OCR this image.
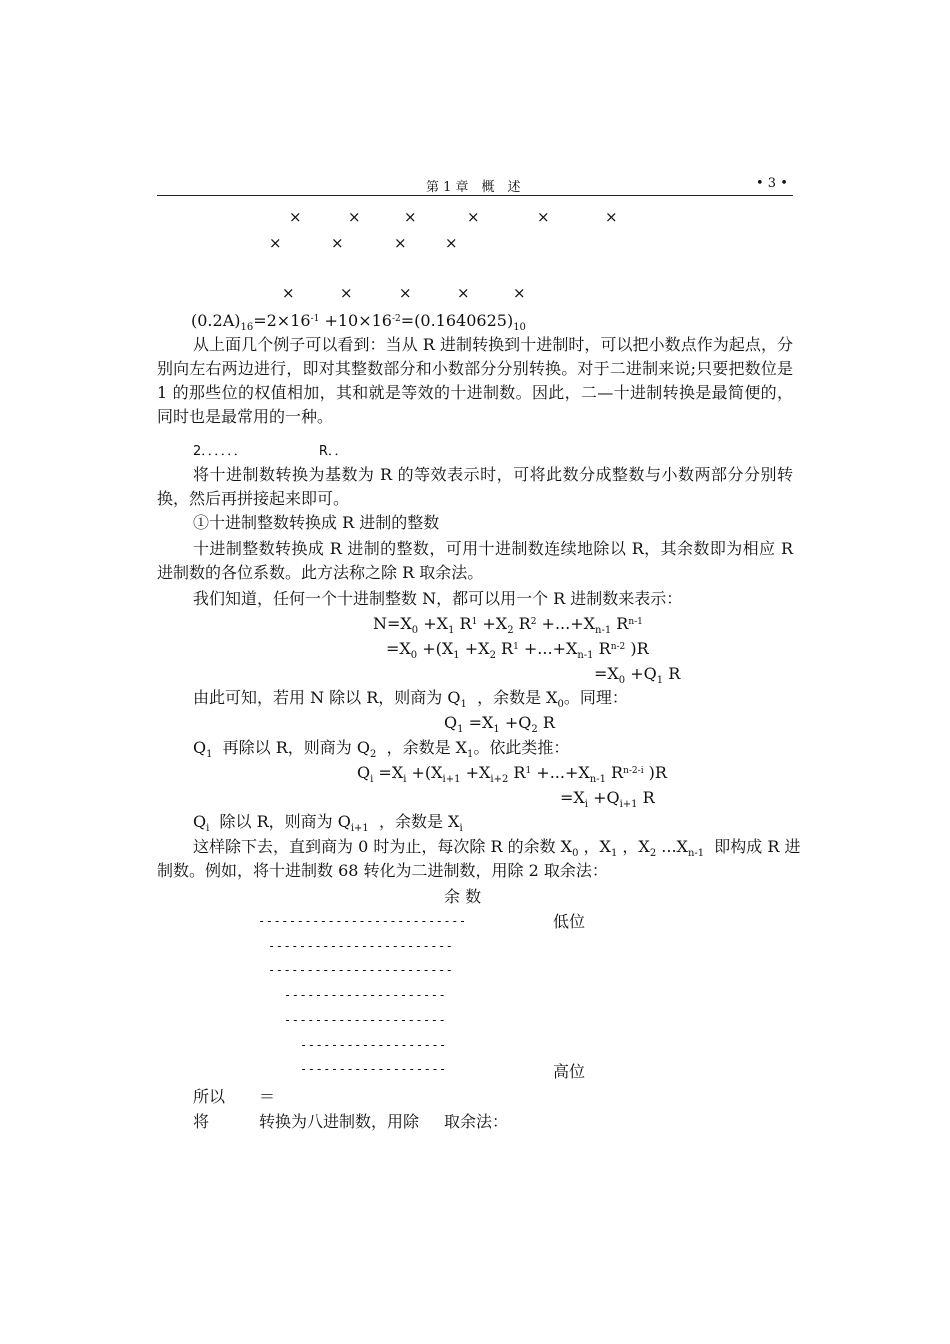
第 1 章　概　述	• 3 •
×	×	×	×	×	×
×	×	×	×
×	×	×	×	×
$(0.2A)_{16}=2\times 16^{-1} +10\times 16^{-2}=(0.1640625)_{10}$
从上面几个例子可以看到：当从 R 进制转换到十进制时，可以把小数点作为起点，分别向左右两边进行，即对其整数部分和小数部分分别转换。对于二进制来说;只要把数位是 1 的那些位的权值相加，其和就是等效的十进制数。因此，二—十进制转换是最简便的，同时也是最常用的一种。
2．．．．．．	R．．
将十进制数转换为基数为 R 的等效表示时，可将此数分成整数与小数两部分分别转换，然后再拼接起来即可。
①十进制整数转换成 R 进制的整数
十进制整数转换成 R 进制的整数，可用十进制数连续地除以 R，其余数即为相应 R 进制数的各位系数。此方法称之除 R 取余法。
我们知道，任何一个十进制整数 N，都可以用一个 R 进制数来表示：
$N=X_0 +X_1$ $R^1 +X_2$ $R^2 +...+X_{n-1}$ $R^{n-1}$
$=X_0 +(X_1 +X_2$ $R^1 +...+X_{n-1}$ $R^{n-2}$ )R
$=X_0 +Q_1$ R
由此可知，若用 N 除以 R，则商为 $Q_1$ ，余数是 $X_0$。同理：
$Q_1 =X_1 +Q_2$ R
$Q_1$ 再除以 R，则商为 $Q_2$ ，余数是 $X_1$。依此类推：
$Q_i =X_i +(X_{i+1} +X_{i+2}$ $R^1 +...+X_{n-1}$ $R^{n-2-i}$ )R
$=X_i +Q_{i+1}$ R
$Q_i$ 除以 R，则商为 $Q_{i+1}$ ，余数是 $X_i$
这样除下去，直到商为 0 时为止，每次除 R 的余数 $X_0$ ，$X_1$ ，$X_2$ $...X_{n-1}$ 即构成 R 进
制数。例如，将十进制数 68 转化为二进制数，用除 2 取余法：
余 数
低位
---------------------------
------------------------
------------------------
---------------------
---------------------
-------------------
-------------------	高位
所以 ＝
将	转换为八进制数，用除 取余法：
